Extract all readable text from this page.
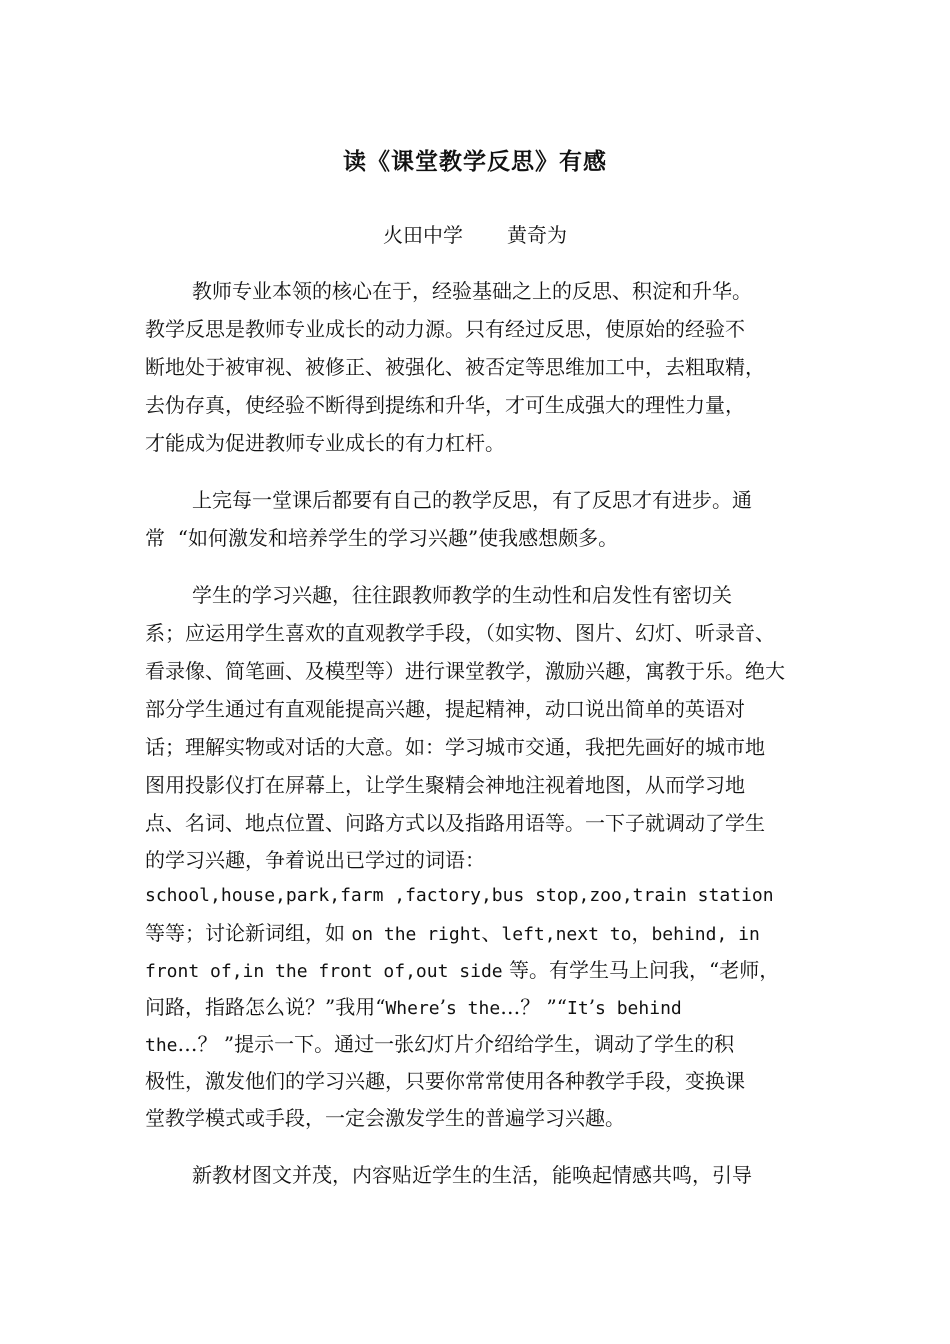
读《课堂教学反思》有感
火田中学 黄奇为
教师专业本领的核心在于，经验基础之上的反思、积淀和升华。
教学反思是教师专业成长的动力源。只有经过反思，使原始的经验不
断地处于被审视、被修正、被强化、被否定等思维加工中，去粗取精，
去伪存真，使经验不断得到提练和升华，才可生成强大的理性力量，
才能成为促进教师专业成长的有力杠杆。
上完每一堂课后都要有自己的教学反思，有了反思才有进步。通
常  “如何激发和培养学生的学习兴趣”使我感想颇多。
学生的学习兴趣，往往跟教师教学的生动性和启发性有密切关
系；应运用学生喜欢的直观教学手段，（如实物、图片、幻灯、听录音、
看录像、简笔画、及模型等）进行课堂教学，激励兴趣，寓教于乐。绝大
部分学生通过有直观能提高兴趣，提起精神，动口说出简单的英语对
话；理解实物或对话的大意。如：学习城市交通，我把先画好的城市地
图用投影仪打在屏幕上，让学生聚精会神地注视着地图，从而学习地
点、名词、地点位置、问路方式以及指路用语等。一下子就调动了学生
的学习兴趣，争着说出已学过的词语：
school,house,park,farm ,factory,bus stop,zoo,train station
等等；讨论新词组，如 on the right、left,next to，behind, in
front of,in the front of,out side 等。有学生马上问我，“老师，
问路，指路怎么说？”我用“Where’s the…？ ”“It’s behind
the…？ ”提示一下。通过一张幻灯片介绍给学生，调动了学生的积
极性，激发他们的学习兴趣，只要你常常使用各种教学手段，变换课
堂教学模式或手段，一定会激发学生的普遍学习兴趣。
新教材图文并茂，内容贴近学生的生活，能唤起情感共鸣，引导
